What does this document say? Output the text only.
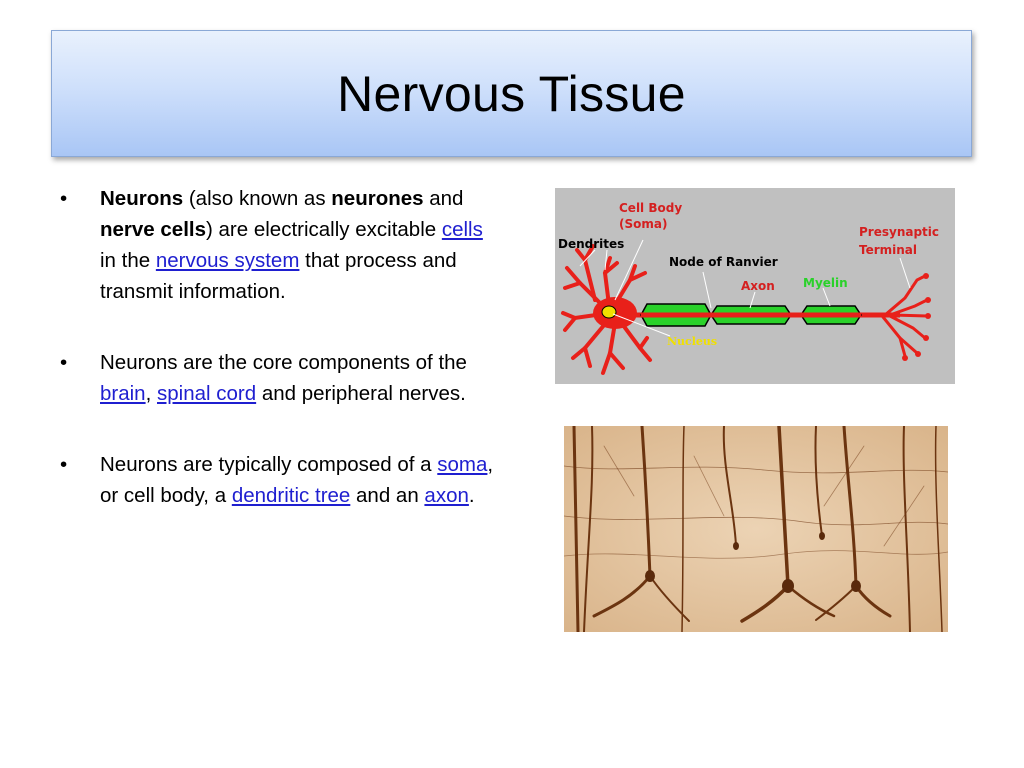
Nervous Tissue
• Neurons (also known as neurones and nerve cells) are electrically excitable cells in the nervous system that process and transmit information.
• Neurons are the core components of the brain, spinal cord and peripheral nerves.
• Neurons are typically composed of a soma, or cell body, a dendritic tree and an axon.
Cell Body
(Soma)
Dendrites
Node of Ranvier
Axon Myelin
Presynaptic
Terminal
Nucleus
